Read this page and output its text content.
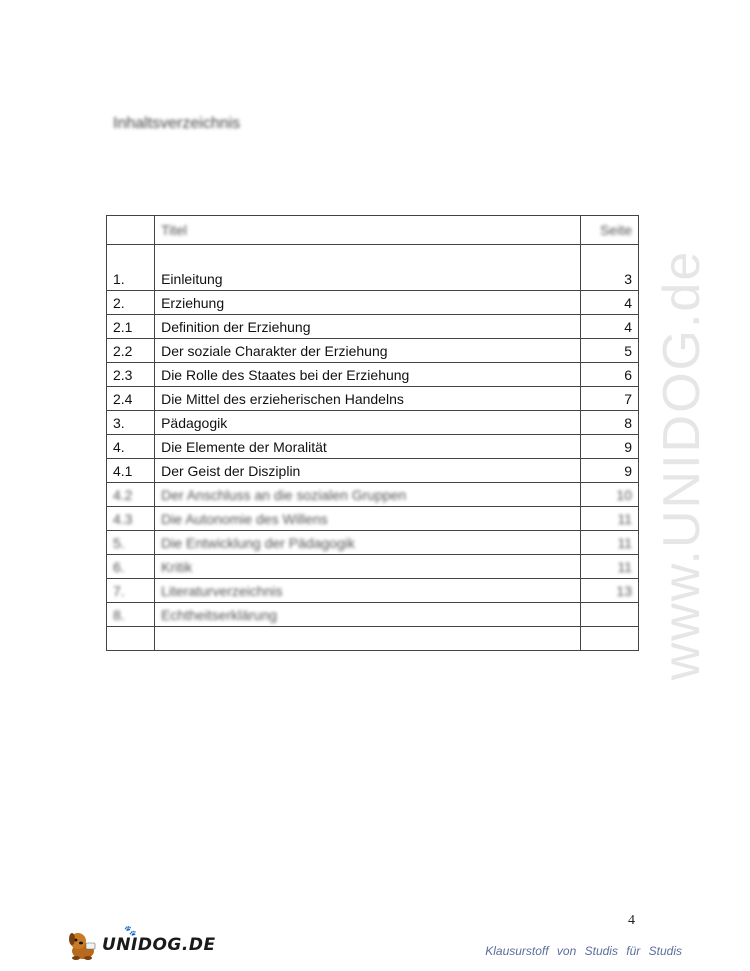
Inhaltsverzeichnis
	Titel	Seite

1.	Einleitung	3
2.	Erziehung	4
2.1	Definition der Erziehung	4
2.2	Der soziale Charakter der Erziehung	5
2.3	Die Rolle des Staates bei der Erziehung	6
2.4	Die Mittel des erzieherischen Handelns	7
3.	Pädagogik	8
4.	Die Elemente der Moralität	9
4.1	Der Geist der Disziplin	9
4.2	Der Anschluss an die sozialen Gruppen	10
4.3	Die Autonomie des Willens	11
5.	Die Entwicklung der Pädagogik	11
6.	Kritik	11
7.	Literaturverzeichnis	13
8.	Echtheitserklärung	
			www.UNIDOG.de
4
🐾
UNIDOG.DE	Klausurstoff von Studis für Studis
